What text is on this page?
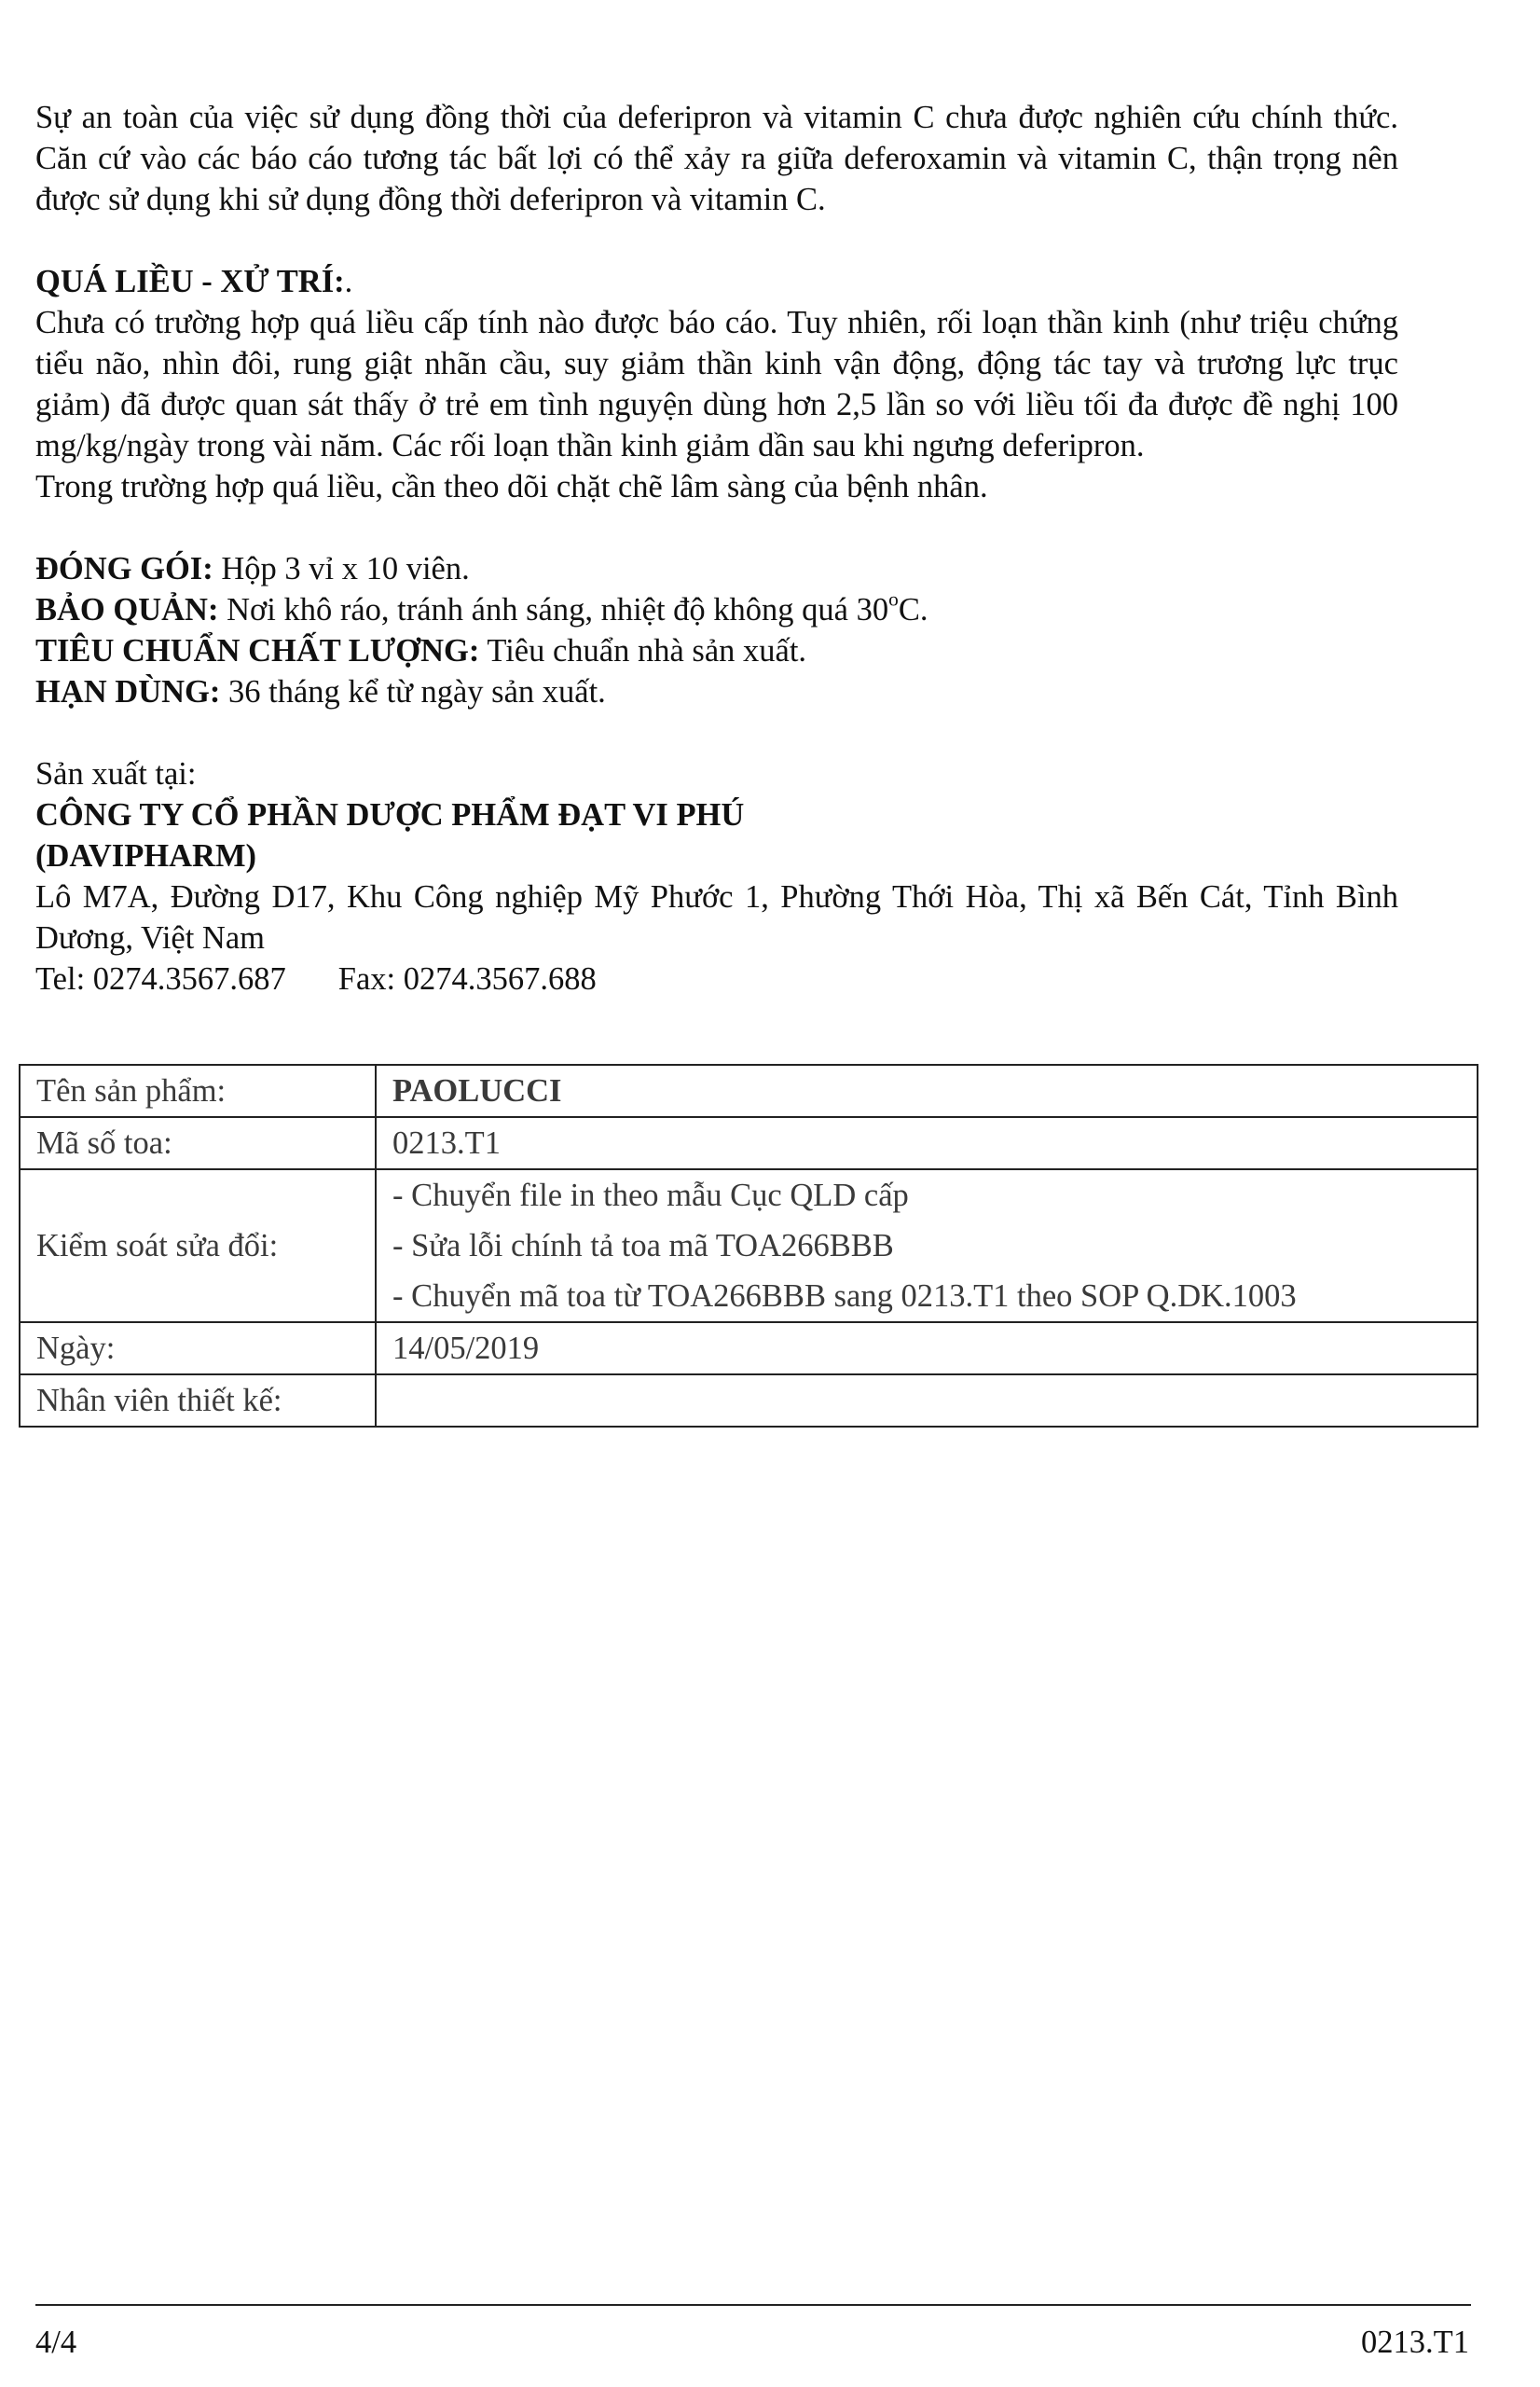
Sự an toàn của việc sử dụng đồng thời của deferipron và vitamin C chưa được nghiên cứu chính thức. Căn cứ vào các báo cáo tương tác bất lợi có thể xảy ra giữa deferoxamin và vitamin C, thận trọng nên được sử dụng khi sử dụng đồng thời deferipron và vitamin C.

QUÁ LIỀU - XỬ TRÍ:.

Chưa có trường hợp quá liều cấp tính nào được báo cáo. Tuy nhiên, rối loạn thần kinh (như triệu chứng tiểu não, nhìn đôi, rung giật nhãn cầu, suy giảm thần kinh vận động, động tác tay và trương lực trục giảm) đã được quan sát thấy ở trẻ em tình nguyện dùng hơn 2,5 lần so với liều tối đa được đề nghị 100 mg/kg/ngày trong vài năm. Các rối loạn thần kinh giảm dần sau khi ngưng deferipron.

Trong trường hợp quá liều, cần theo dõi chặt chẽ lâm sàng của bệnh nhân.

ĐÓNG GÓI: Hộp 3 vỉ x 10 viên.

BẢO QUẢN: Nơi khô ráo, tránh ánh sáng, nhiệt độ không quá 30$^o$C.

TIÊU CHUẨN CHẤT LƯỢNG: Tiêu chuẩn nhà sản xuất.

HẠN DÙNG: 36 tháng kể từ ngày sản xuất.

Sản xuất tại:

CÔNG TY CỔ PHẦN DƯỢC PHẨM ĐẠT VI PHÚ

(DAVIPHARM)

Lô M7A, Đường D17, Khu Công nghiệp Mỹ Phước 1, Phường Thới Hòa, Thị xã Bến Cát, Tỉnh Bình Dương, Việt Nam

Tel: 0274.3567.687 Fax: 0274.3567.688

Tên sản phẩm:	PAOLUCCI
Mã số toa:	0213.T1
Kiểm soát sửa đổi:	- Chuyển file in theo mẫu Cục QLD cấp
- Sửa lỗi chính tả toa mã TOA266BBB
- Chuyển mã toa từ TOA266BBB sang 0213.T1 theo SOP Q.DK.1003

Ngày:	14/05/2019
Nhân viên thiết kế:	
4/4	0213.T1
